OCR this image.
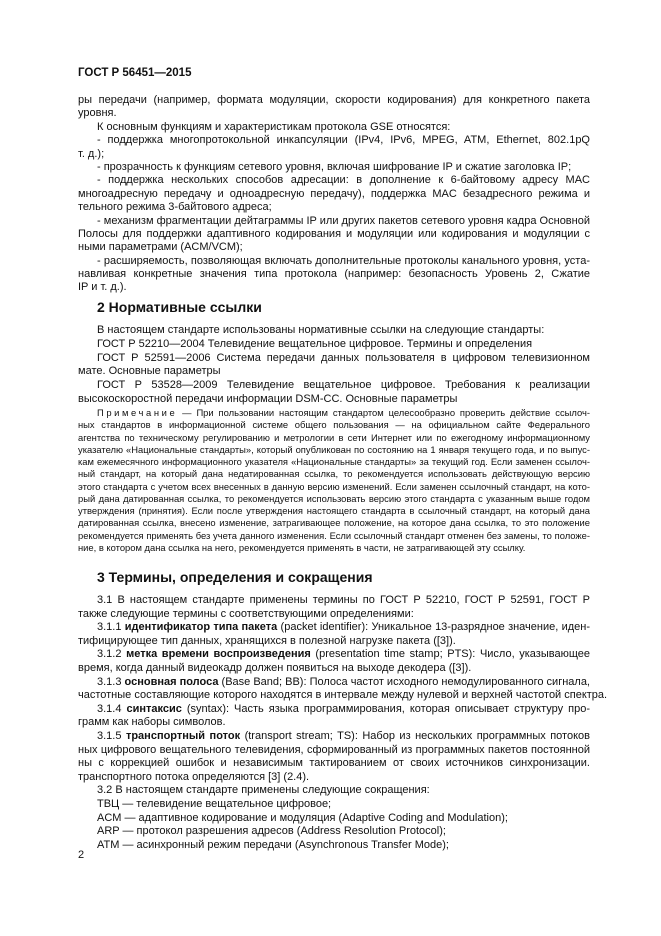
ГОСТ Р 56451—2015
ры передачи (например, формата модуляции, скорости кодирования) для конкретного пакета
уровня.
К основным функциям и характеристикам протокола GSE относятся:
- поддержка многопротокольной инкапсуляции (IPv4, IPv6, MPEG, ATM, Ethernet, 802.1pQ
т. д.);
- прозрачность к функциям сетевого уровня, включая шифрование IP и сжатие заголовка IP;
- поддержка нескольких способов адресации: в дополнение к 6-байтовому адресу MAC
многоадресную передачу и одноадресную передачу), поддержка MAC безадресного режима и
тельного режима 3-байтового адреса;
- механизм фрагментации дейтаграммы IP или других пакетов сетевого уровня кадра Основной
Полосы для поддержки адаптивного кодирования и модуляции или кодирования и модуляции с
ными параметрами (ACM/VCM);
- расширяемость, позволяющая включать дополнительные протоколы канального уровня, уста-
навливая конкретные значения типа протокола (например: безопасность Уровень 2, Сжатие
IP и т. д.).
2 Нормативные ссылки
В настоящем стандарте использованы нормативные ссылки на следующие стандарты:
ГОСТ Р 52210—2004 Телевидение вещательное цифровое. Термины и определения
ГОСТ Р 52591—2006 Система передачи данных пользователя в цифровом телевизионном
мате. Основные параметры
ГОСТ Р 53528—2009 Телевидение вещательное цифровое. Требования к реализации
высокоскоростной передачи информации DSM-CC. Основные параметры
Примечание — При пользовании настоящим стандартом целесообразно проверить действие ссылоч-
ных стандартов в информационной системе общего пользования — на официальном сайте Федерального
агентства по техническому регулированию и метрологии в сети Интернет или по ежегодному информационному
указателю «Национальные стандарты», который опубликован по состоянию на 1 января текущего года, и по выпус-
кам ежемесячного информационного указателя «Национальные стандарты» за текущий год. Если заменен ссылоч-
ный стандарт, на который дана недатированная ссылка, то рекомендуется использовать действующую версию
этого стандарта с учетом всех внесенных в данную версию изменений. Если заменен ссылочный стандарт, на кото-
рый дана датированная ссылка, то рекомендуется использовать версию этого стандарта с указанным выше годом
утверждения (принятия). Если после утверждения настоящего стандарта в ссылочный стандарт, на который дана
датированная ссылка, внесено изменение, затрагивающее положение, на которое дана ссылка, то это положение
рекомендуется применять без учета данного изменения. Если ссылочный стандарт отменен без замены, то положе-
ние, в котором дана ссылка на него, рекомендуется применять в части, не затрагивающей эту ссылку.
3 Термины, определения и сокращения
3.1 В настоящем стандарте применены термины по ГОСТ Р 52210, ГОСТ Р 52591, ГОСТ Р
также следующие термины с соответствующими определениями:
3.1.1 идентификатор типа пакета (packet identifier): Уникальное 13-разрядное значение, иден-
тифицирующее тип данных, хранящихся в полезной нагрузке пакета ([3]).
3.1.2 метка времени воспроизведения (presentation time stamp; PTS): Число, указывающее
время, когда данный видеокадр должен появиться на выходе декодера ([3]).
3.1.3 основная полоса (Base Band; BB): Полоса частот исходного немодулированного сигнала,
частотные составляющие которого находятся в интервале между нулевой и верхней частотой спектра.
3.1.4 синтаксис (syntax): Часть языка программирования, которая описывает структуру про-
грамм как наборы символов.
3.1.5 транспортный поток (transport stream; TS): Набор из нескольких программных потоков
ных цифрового вещательного телевидения, сформированный из программных пакетов постоянной
ны с коррекцией ошибок и независимым тактированием от своих источников синхронизации.
транспортного потока определяются [3] (2.4).
3.2 В настоящем стандарте применены следующие сокращения:
ТВЦ — телевидение вещательное цифровое;
ACM — адаптивное кодирование и модуляция (Adaptive Coding and Modulation);
ARP — протокол разрешения адресов (Address Resolution Protocol);
ATM — асинхронный режим передачи (Asynchronous Transfer Mode);
2
